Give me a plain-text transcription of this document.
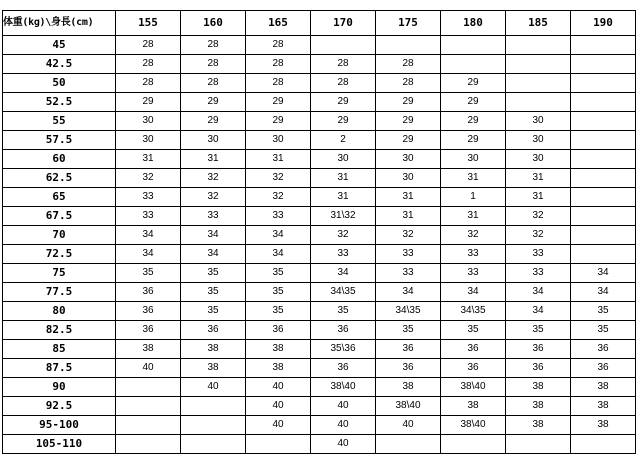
体重(kg)\身長(cm)	155	160	165	170	175	180	185	190
45	28	28	28					
42.5	28	28	28	28	28			
50	28	28	28	28	28	29		
52.5	29	29	29	29	29	29		
55	30	29	29	29	29	29	30	
57.5	30	30	30	2	29	29	30	
60	31	31	31	30	30	30	30	
62.5	32	32	32	31	30	31	31	
65	33	32	32	31	31	1	31	
67.5	33	33	33	31\32	31	31	32	
70	34	34	34	32	32	32	32	
72.5	34	34	34	33	33	33	33	
75	35	35	35	34	33	33	33	34
77.5	36	35	35	34\35	34	34	34	34
80	36	35	35	35	34\35	34\35	34	35
82.5	36	36	36	36	35	35	35	35
85	38	38	38	35\36	36	36	36	36
87.5	40	38	38	36	36	36	36	36
90		40	40	38\40	38	38\40	38	38
92.5			40	40	38\40	38	38	38
95-100			40	40	40	38\40	38	38
105-110				40				
